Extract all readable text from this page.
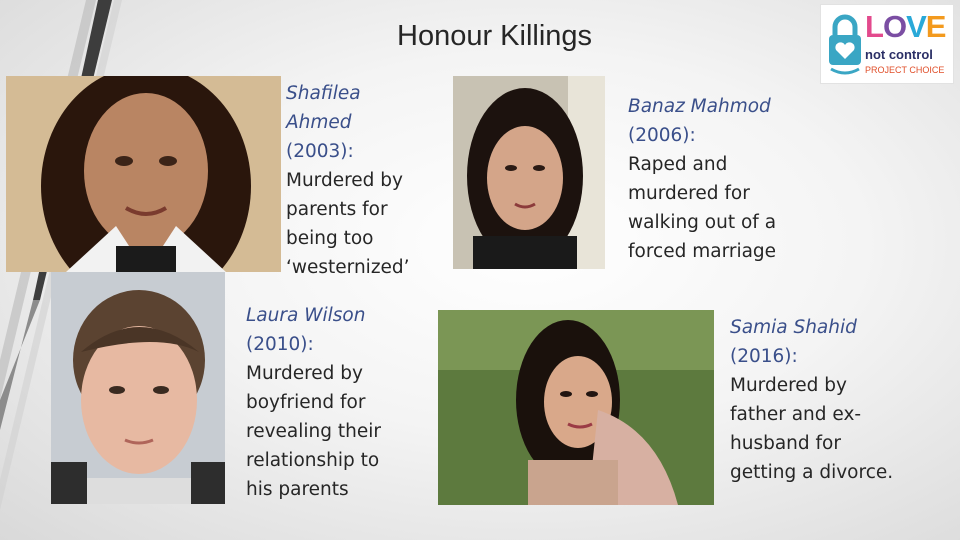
Honour Killings	LOVE
not control
PROJECT CHOICE
Shafilea
Ahmed
(2003):
Murdered by
parents for
being too
‘westernized’
Banaz Mahmod
(2006):
Raped and
murdered for
walking out of a
forced marriage
Laura Wilson
(2010):
Murdered by
boyfriend for
revealing their
relationship to
his parents
Samia Shahid
(2016):
Murdered by
father and ex-
husband for
getting a divorce.
